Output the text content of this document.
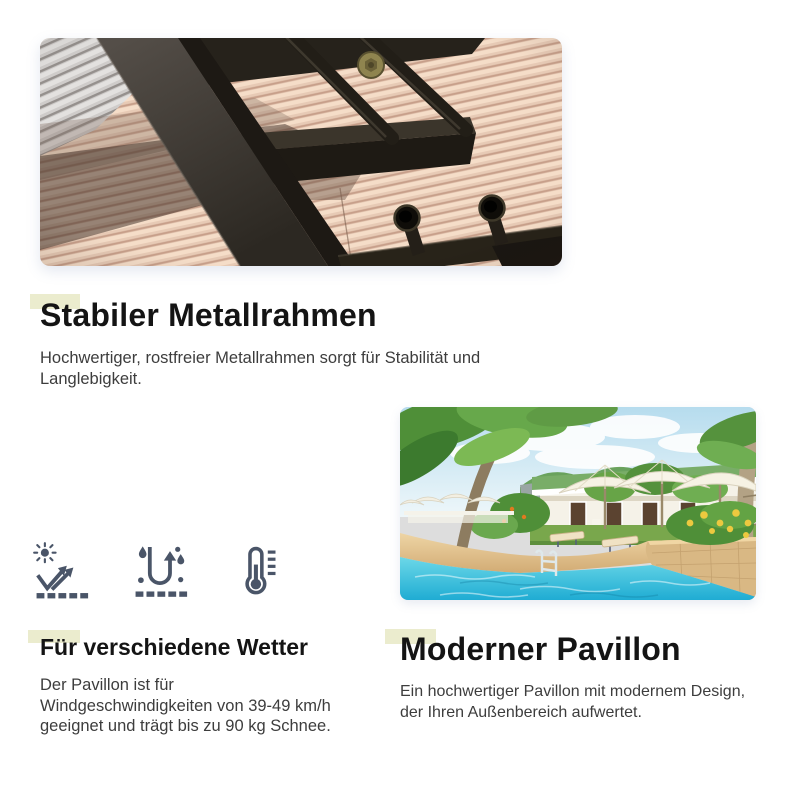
Stabiler Metallrahmen

Hochwertiger, rostfreier Metallrahmen sorgt für Stabilität und Langlebigkeit.

Für verschiedene Wetter

Der Pavillon ist für Windgeschwindigkeiten von 39-49 km/h geeignet und trägt bis zu 90 kg Schnee.

Moderner Pavillon

Ein hochwertiger Pavillon mit modernem Design, der Ihren Außenbereich aufwertet.
